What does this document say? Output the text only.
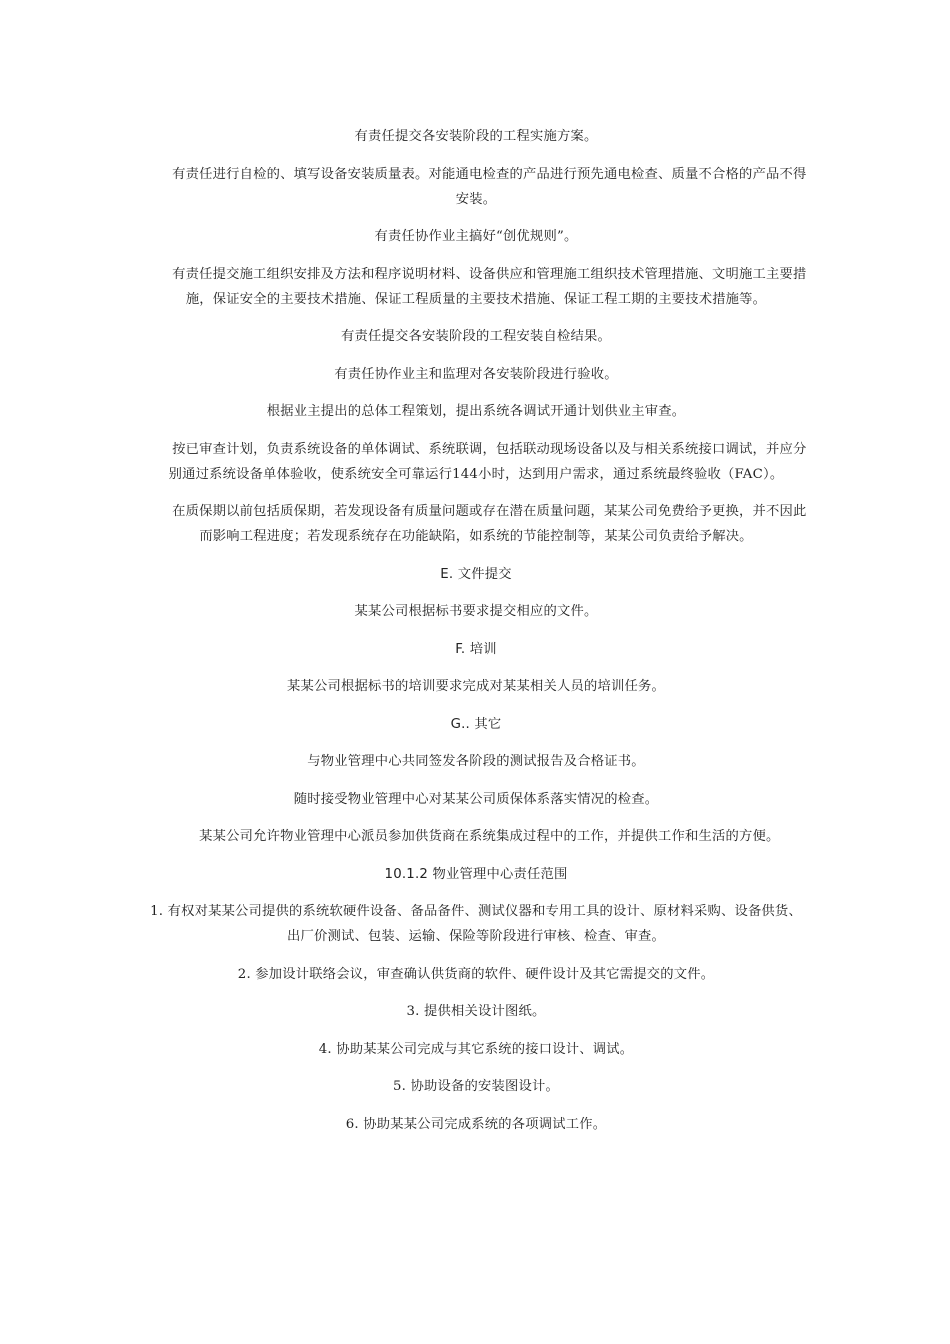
有责任提交各安装阶段的工程实施方案。

有责任进行自检的、填写设备安装质量表。对能通电检查的产品进行预先通电检查、质量不合格的产品不得安装。

有责任协作业主搞好“创优规则”。

有责任提交施工组织安排及方法和程序说明材料、设备供应和管理施工组织技术管理措施、文明施工主要措施，保证安全的主要技术措施、保证工程质量的主要技术措施、保证工程工期的主要技术措施等。

有责任提交各安装阶段的工程安装自检结果。

有责任协作业主和监理对各安装阶段进行验收。

根据业主提出的总体工程策划，提出系统各调试开通计划供业主审查。

按已审查计划，负责系统设备的单体调试、系统联调，包括联动现场设备以及与相关系统接口调试，并应分别通过系统设备单体验收，使系统安全可靠运行144小时，达到用户需求，通过系统最终验收（FAC）。

在质保期以前包括质保期，若发现设备有质量问题或存在潜在质量问题，某某公司免费给予更换，并不因此而影响工程进度；若发现系统存在功能缺陷，如系统的节能控制等，某某公司负责给予解决。

E. 文件提交

某某公司根据标书要求提交相应的文件。

F. 培训

某某公司根据标书的培训要求完成对某某相关人员的培训任务。

G.. 其它

与物业管理中心共同签发各阶段的测试报告及合格证书。

随时接受物业管理中心对某某公司质保体系落实情况的检查。

某某公司允许物业管理中心派员参加供货商在系统集成过程中的工作，并提供工作和生活的方便。

10.1.2 物业管理中心责任范围

1. 有权对某某公司提供的系统软硬件设备、备品备件、测试仪器和专用工具的设计、原材料采购、设备供货、出厂价测试、包装、运输、保险等阶段进行审核、检查、审查。

2. 参加设计联络会议，审查确认供货商的软件、硬件设计及其它需提交的文件。

3. 提供相关设计图纸。

4. 协助某某公司完成与其它系统的接口设计、调试。

5. 协助设备的安装图设计。

6. 协助某某公司完成系统的各项调试工作。
